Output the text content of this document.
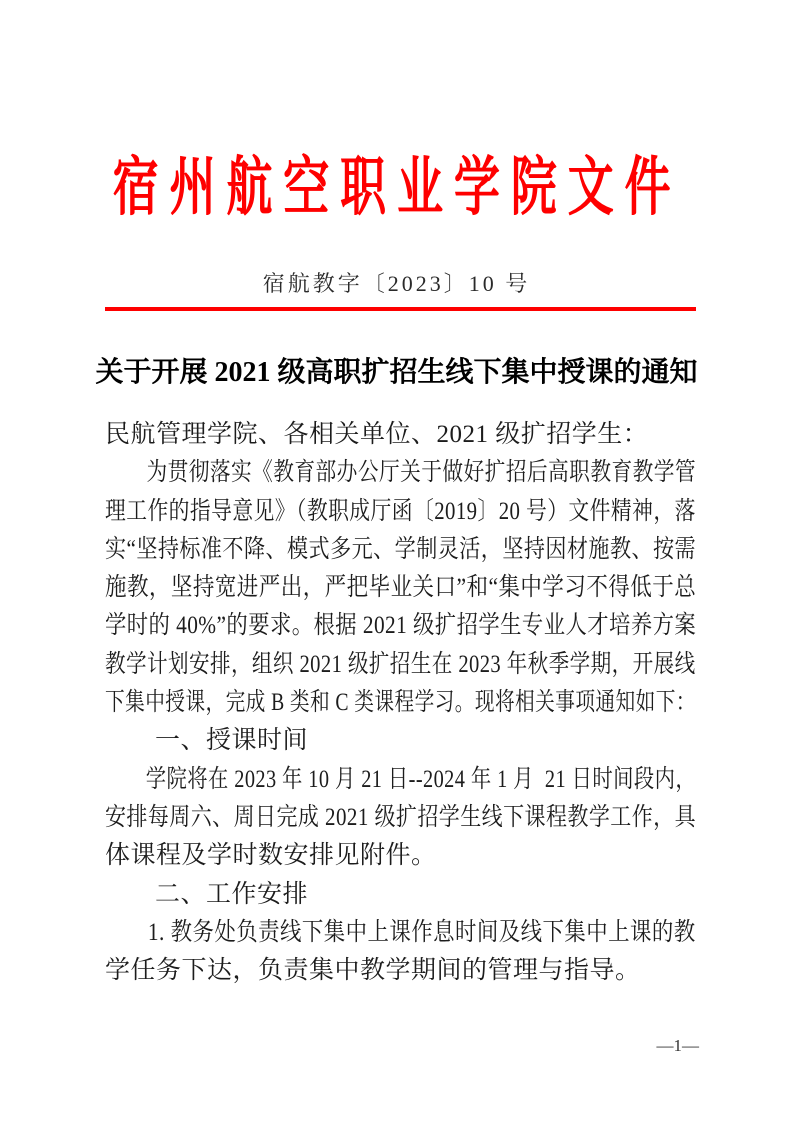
宿州航空职业学院文件
宿航教字〔2023〕10 号
关于开展 2021 级高职扩招生线下集中授课的通知
民航管理学院、各相关单位、2021 级扩招学生：
为贯彻落实《教育部办公厅关于做好扩招后高职教育教学管
理工作的指导意见》（教职成厅函〔2019〕20 号）文件精神，落
实“坚持标准不降、模式多元、学制灵活，坚持因材施教、按需
施教，坚持宽进严出，严把毕业关口”和“集中学习不得低于总
学时的 40%”的要求。根据 2021 级扩招学生专业人才培养方案
教学计划安排，组织 2021 级扩招生在 2023 年秋季学期，开展线
下集中授课，完成 B 类和 C 类课程学习。现将相关事项通知如下：
一、授课时间
学院将在 2023 年 10 月 21 日--2024 年 1 月  21 日时间段内，
安排每周六、周日完成 2021 级扩招学生线下课程教学工作，具
体课程及学时数安排见附件。
二、工作安排
1. 教务处负责线下集中上课作息时间及线下集中上课的教
学任务下达，负责集中教学期间的管理与指导。
—1—
